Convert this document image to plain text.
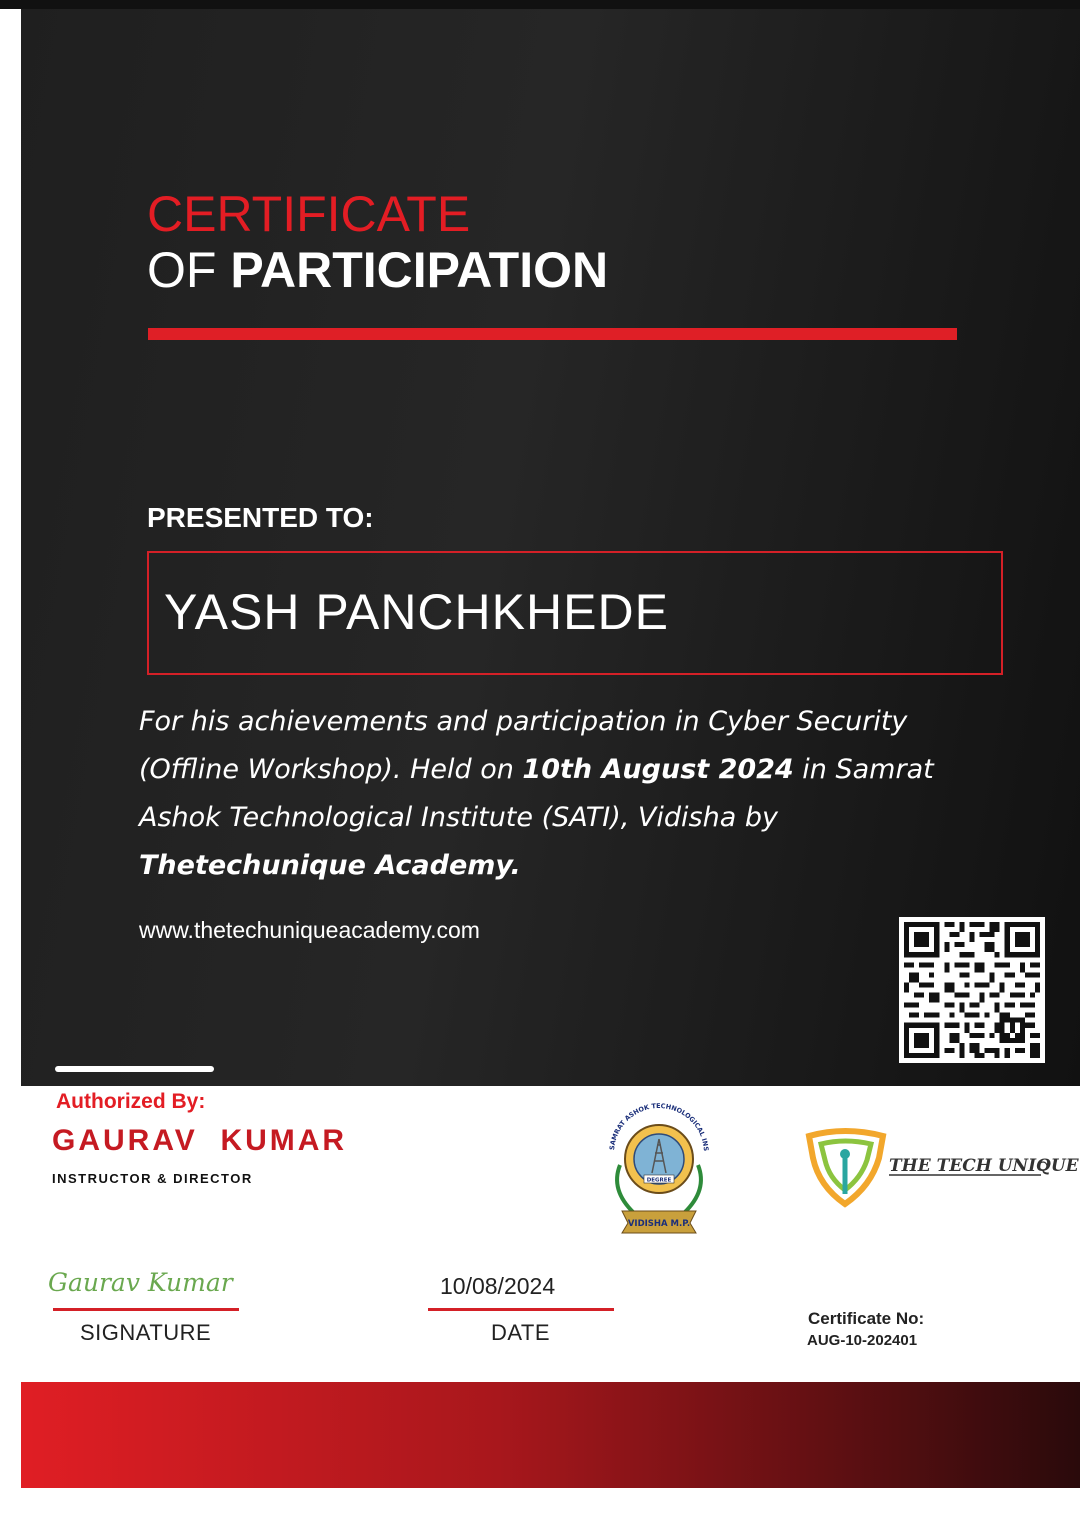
CERTIFICATE
OF PARTICIPATION
PRESENTED TO:
YASH PANCHKHEDE
For his achievements and participation in Cyber Security (Offline Workshop). Held on 10th August 2024 in Samrat Ashok Technological Institute (SATI), Vidisha by
Thetechunique Academy.
www.thetechuniqueacademy.com
Authorized By:
GAURAV  KUMAR
INSTRUCTOR & DIRECTOR
SAMRAT ASHOK TECHNOLOGICAL INS
DEGREE
VIDISHA M.P.
THE TECH UNIQUE
Gaurav Kumar
SIGNATURE
10/08/2024
DATE
Certificate No:
AUG-10-202401
